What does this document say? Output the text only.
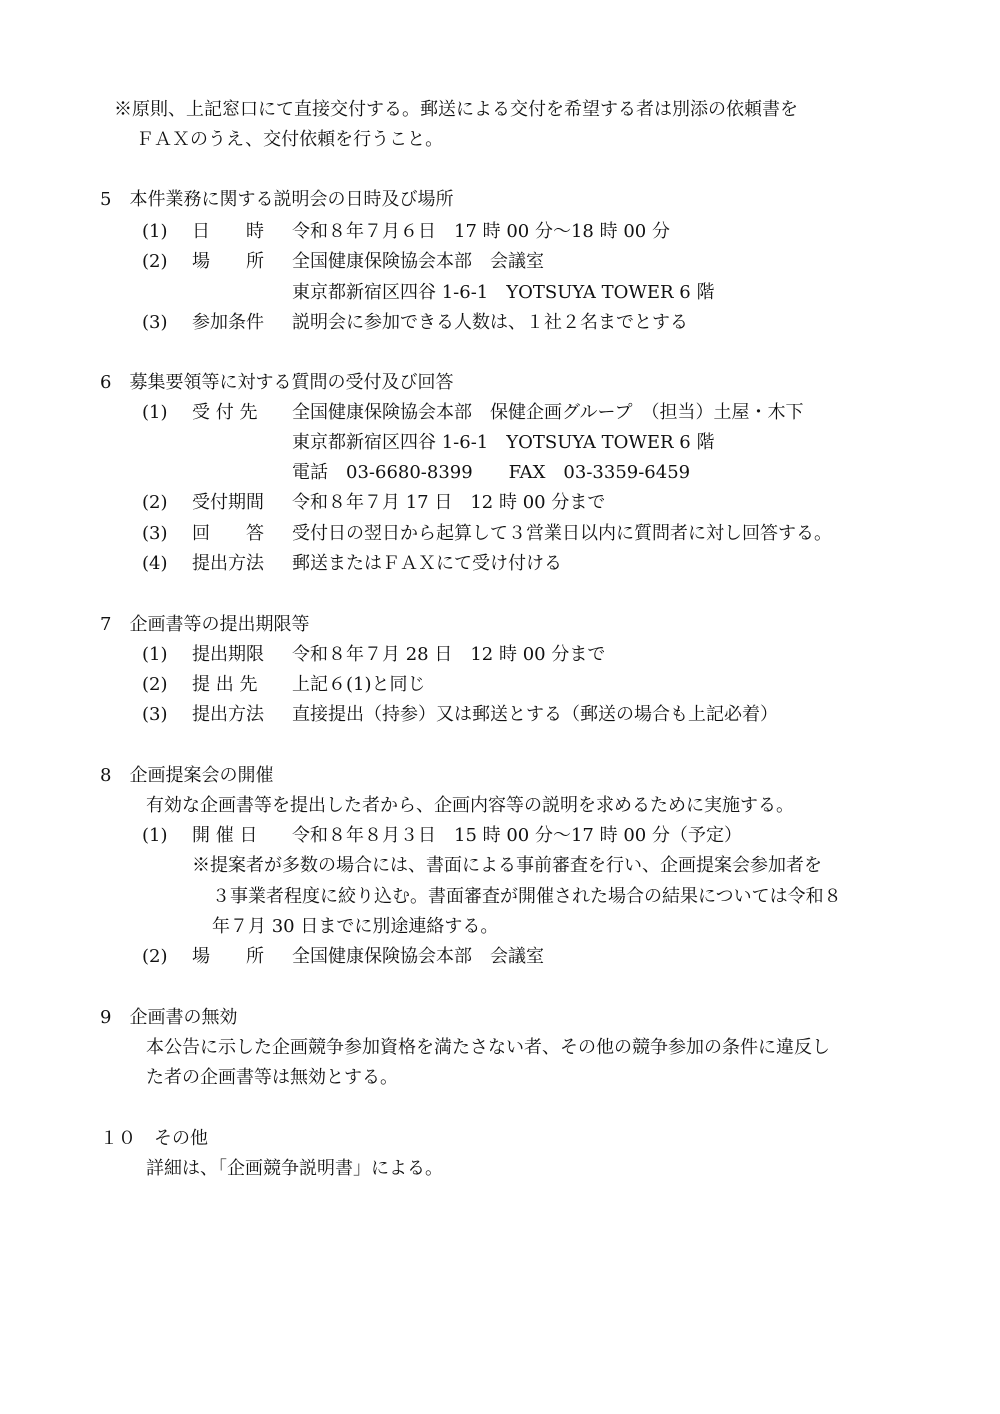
※原則、上記窓口にて直接交付する。郵送による交付を希望する者は別添の依頼書を
ＦＡＸのうえ、交付依頼を行うこと。
5　本件業務に関する説明会の日時及び場所
(1) 日　　時 令和８年７月６日　17 時 00 分～18 時 00 分
(2) 場　　所 全国健康保険協会本部　会議室
東京都新宿区四谷 1-6-1　YOTSUYA TOWER 6 階
(3) 参加条件 説明会に参加できる人数は、１社２名までとする
6　募集要領等に対する質問の受付及び回答
(1) 受 付 先 全国健康保険協会本部　保健企画グループ　（担当）土屋・木下
東京都新宿区四谷 1-6-1　YOTSUYA TOWER 6 階
電話　03-6680-8399　　FAX　03-3359-6459
(2) 受付期間 令和８年７月 17 日　12 時 00 分まで
(3) 回　　答 受付日の翌日から起算して３営業日以内に質問者に対し回答する。
(4) 提出方法 郵送またはＦＡＸにて受け付ける
7　企画書等の提出期限等
(1) 提出期限 令和８年７月 28 日　12 時 00 分まで
(2) 提 出 先 上記６(1)と同じ
(3) 提出方法 直接提出（持参）又は郵送とする（郵送の場合も上記必着）
8　企画提案会の開催
有効な企画書等を提出した者から、企画内容等の説明を求めるために実施する。
(1) 開 催 日 令和８年８月３日　15 時 00 分～17 時 00 分（予定）
※提案者が多数の場合には、書面による事前審査を行い、企画提案会参加者を
３事業者程度に絞り込む。書面審査が開催された場合の結果については令和８
年７月 30 日までに別途連絡する。
(2) 場　　所 全国健康保険協会本部　会議室
9　企画書の無効
本公告に示した企画競争参加資格を満たさない者、その他の競争参加の条件に違反し
た者の企画書等は無効とする。
１０　その他
詳細は、「企画競争説明書」による。
